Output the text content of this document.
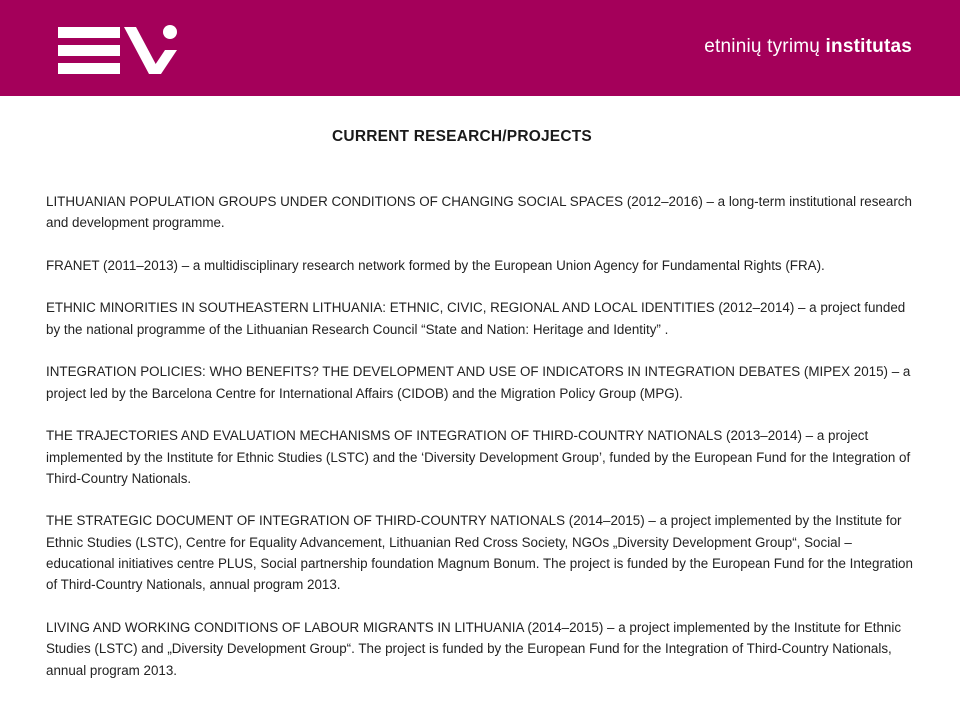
etninių tyrimų institutas
CURRENT RESEARCH/PROJECTS

LITHUANIAN POPULATION GROUPS UNDER CONDITIONS OF CHANGING SOCIAL SPACES (2012–2016) – a long-term institutional research and development programme.

FRANET (2011–2013) – a multidisciplinary research network formed by the European Union Agency for Fundamental Rights (FRA).

ETHNIC MINORITIES IN SOUTHEASTERN LITHUANIA: ETHNIC, CIVIC, REGIONAL AND LOCAL IDENTITIES (2012–2014) – a project funded by the national programme of the Lithuanian Research Council “State and Nation: Heritage and Identity” .

INTEGRATION POLICIES: WHO BENEFITS? THE DEVELOPMENT AND USE OF INDICATORS IN INTEGRATION DEBATES (MIPEX 2015) – a project led by the Barcelona Centre for International Affairs (CIDOB) and the Migration Policy Group (MPG).

THE TRAJECTORIES AND EVALUATION MECHANISMS OF INTEGRATION OF THIRD-COUNTRY NATIONALS (2013–2014) – a project implemented by the Institute for Ethnic Studies (LSTC) and the ‘Diversity Development Group’, funded by the European Fund for the Integration of Third-Country Nationals.

THE STRATEGIC DOCUMENT OF INTEGRATION OF THIRD-COUNTRY NATIONALS (2014–2015) – a project implemented by the Institute for Ethnic Studies (LSTC), Centre for Equality Advancement, Lithuanian Red Cross Society, NGOs „Diversity Development Group“, Social – educational initiatives centre PLUS, Social partnership foundation Magnum Bonum. The project is funded by the European Fund for the Integration of Third-Country Nationals, annual program 2013.

LIVING AND WORKING CONDITIONS OF LABOUR MIGRANTS IN LITHUANIA (2014–2015) – a project implemented by the Institute for Ethnic Studies (LSTC) and „Diversity Development Group“. The project is funded by the European Fund for the Integration of Third-Country Nationals, annual program 2013.
